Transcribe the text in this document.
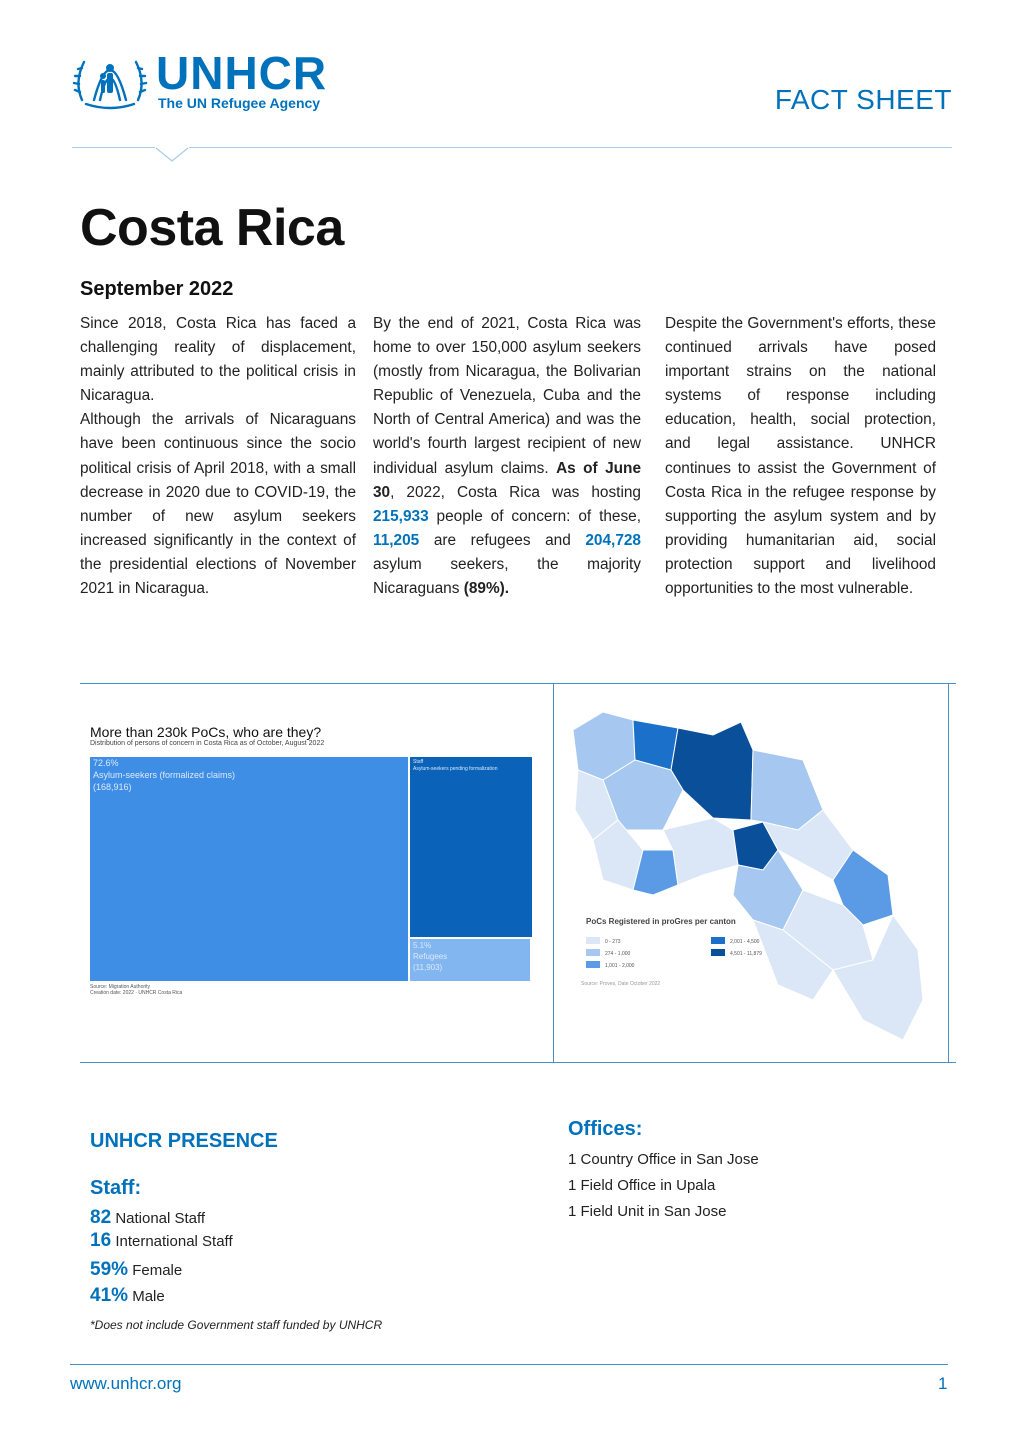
UNHCR
The UN Refugee Agency	FACT SHEET
Costa Rica
September 2022

Since 2018, Costa Rica has faced a challenging reality of displacement, mainly attributed to the political crisis in Nicaragua.

Although the arrivals of Nicaraguans have been continuous since the socio political crisis of April 2018, with a small decrease in 2020 due to COVID-19, the number of new asylum seekers increased significantly in the context of the presidential elections of November 2021 in Nicaragua.

By the end of 2021, Costa Rica was home to over 150,000 asylum seekers (mostly from Nicaragua, the Bolivarian Republic of Venezuela, Cuba and the North of Central America) and was the world's fourth largest recipient of new individual asylum claims. As of June 30, 2022, Costa Rica was hosting 215,933 people of concern: of these, 11,205 are refugees and 204,728 asylum seekers, the majority Nicaraguans (89%).

Despite the Government's efforts, these continued arrivals have posed important strains on the national systems of response including education, health, social protection, and legal assistance. UNHCR continues to assist the Government of Costa Rica in the refugee response by supporting the asylum system and by providing humanitarian aid, social protection support and livelihood opportunities to the most vulnerable.

More than 230k PoCs, who are they?
Distribution of persons of concern in Costa Rica as of October, August 2022
72.6%
Asylum-seekers (formalized claims)
(168,916)
Staff
Asylum-seekers pending formalization
5.1%
Refugees
(11,903)
Source: Migration Authority
Creation date: 2022 · UNHCR Costa Rica
PoCs Registered in proGres per canton
0 - 273
274 - 1,000
1,001 - 2,000
2,001 - 4,500
4,501 - 11,879
Source: Proves, Date October 2022
UNHCR PRESENCE
Staff:
82 National Staff
16 International Staff
59% Female
41% Male
*Does not include Government staff funded by UNHCR
Offices:
1 Country Office in San Jose
1 Field Office in Upala
1 Field Unit in San Jose
www.unhcr.org	1
